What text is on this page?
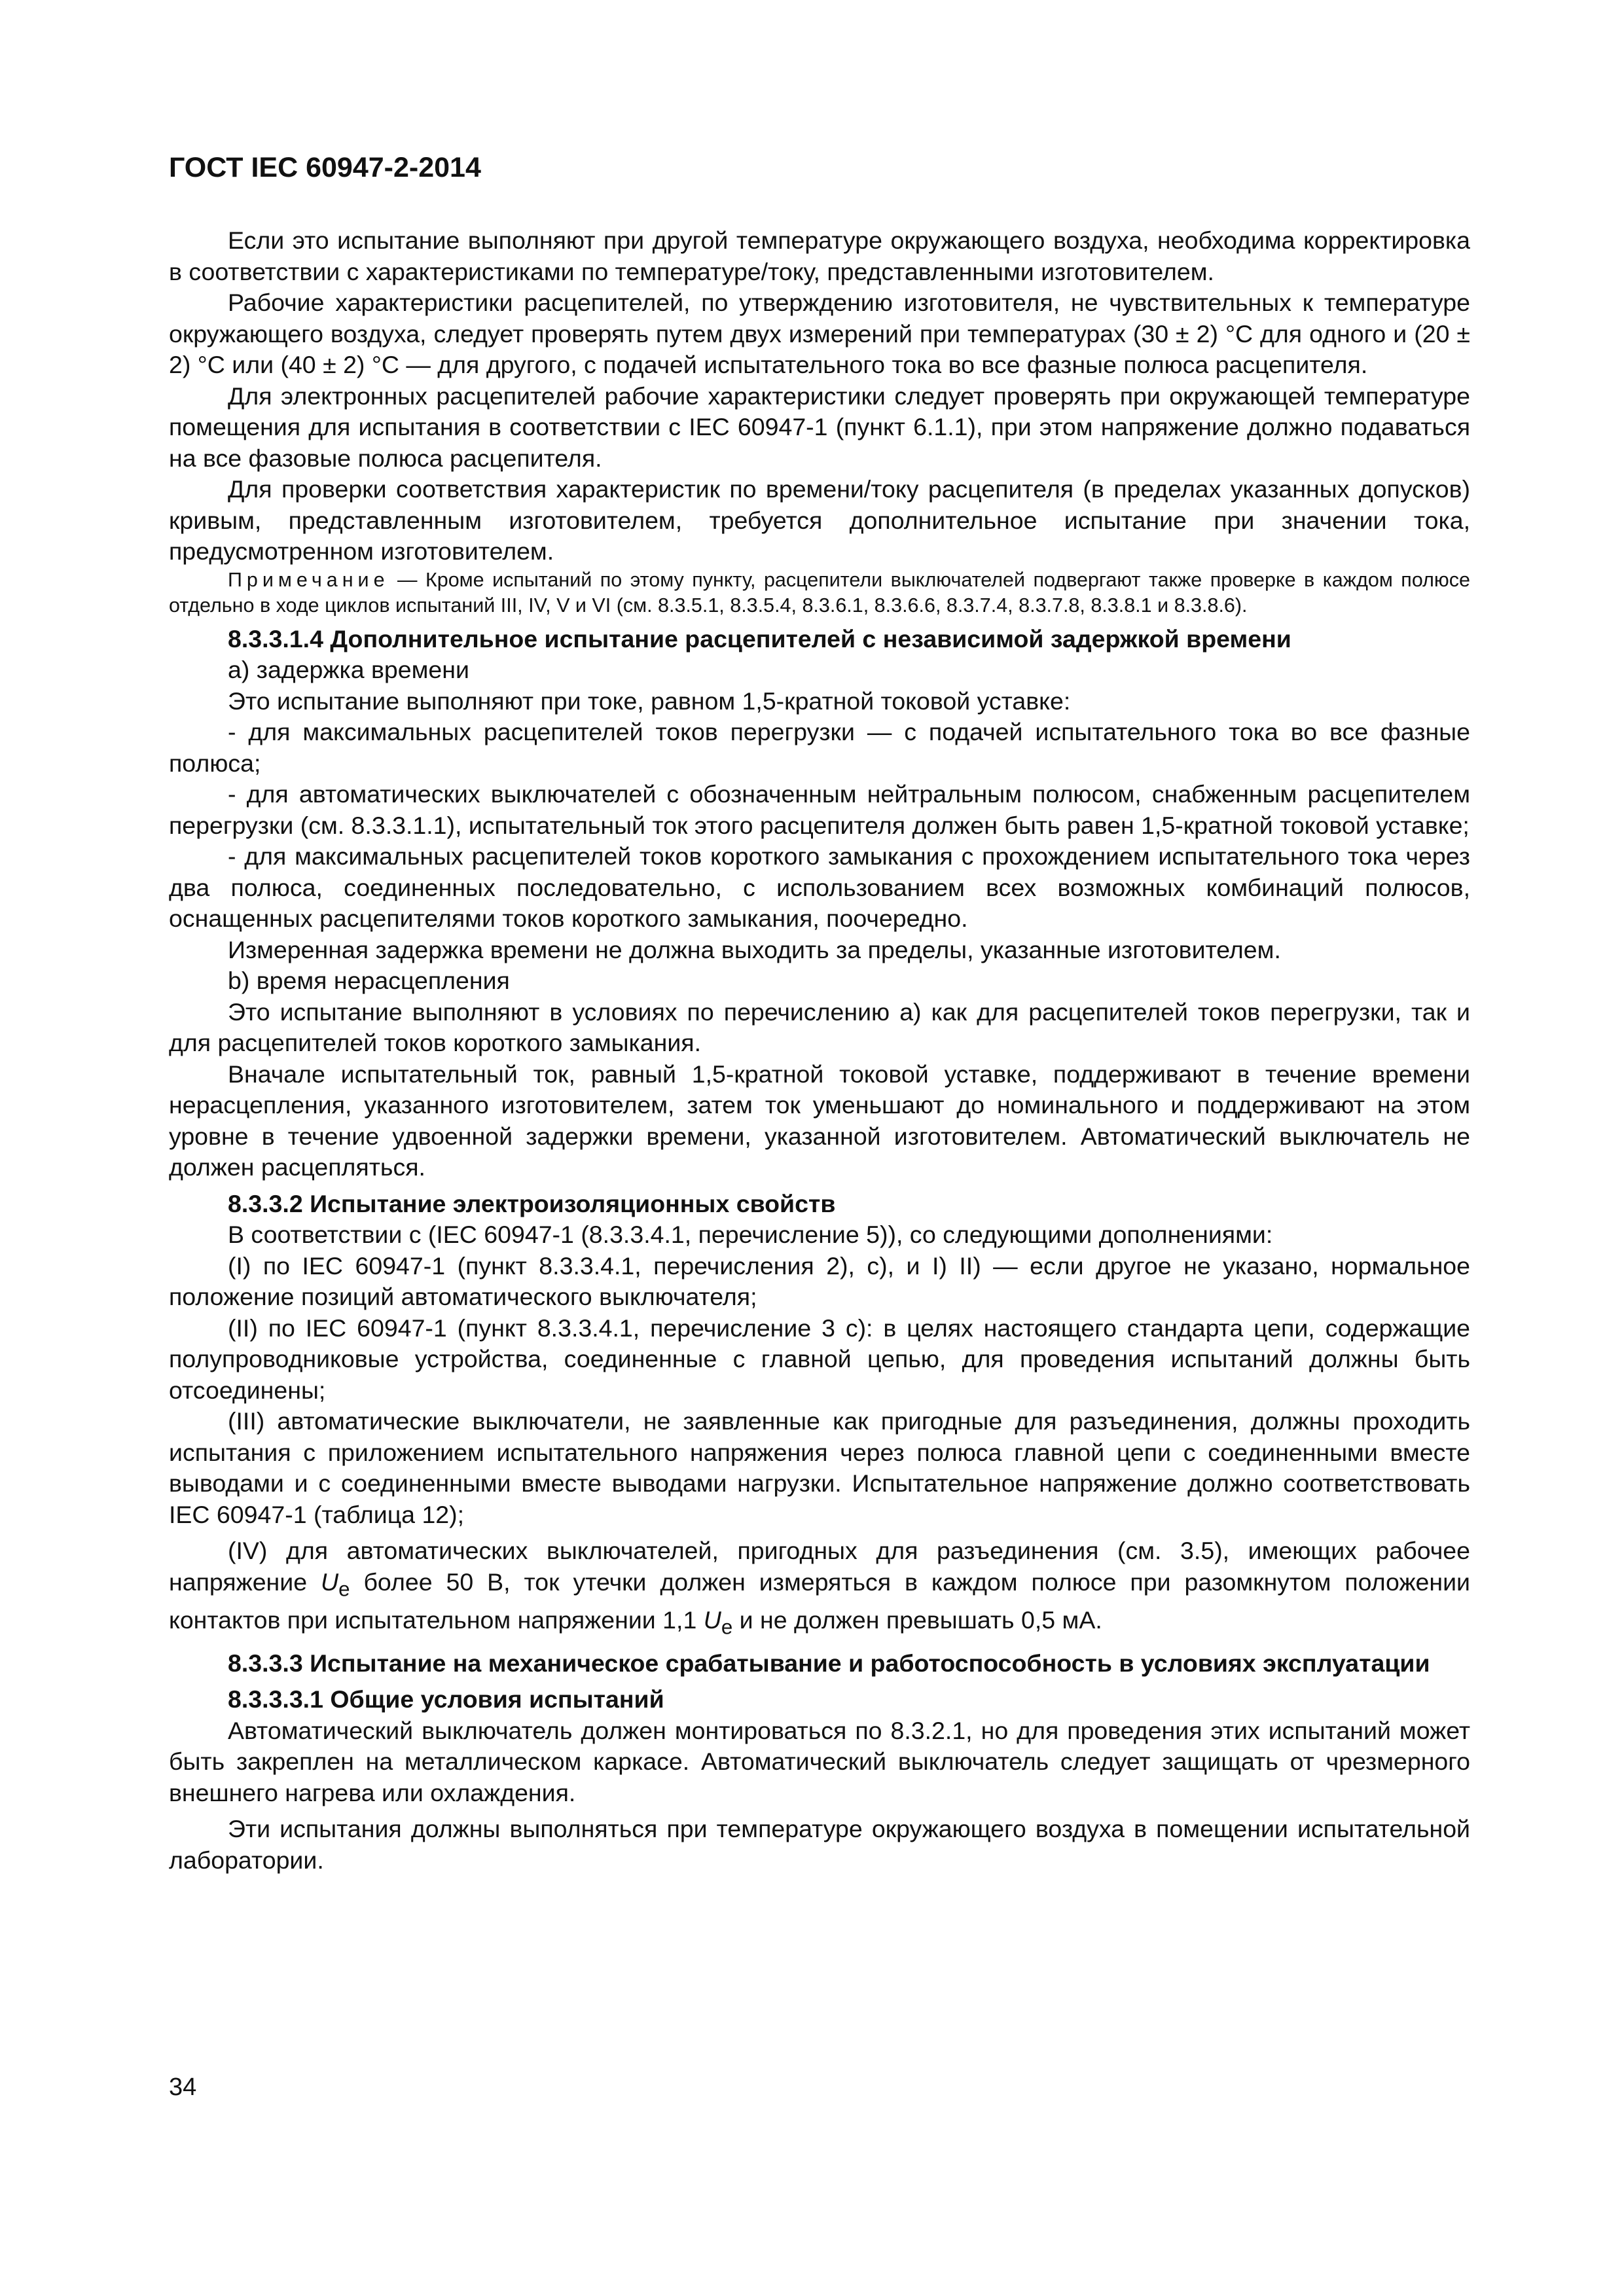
ГОСТ IEC 60947-2-2014

Если это испытание выполняют при другой температуре окружающего воздуха, необходима корректировка в соответствии с характеристиками по температуре/току, представленными изготовителем.

Рабочие характеристики расцепителей, по утверждению изготовителя, не чувствительных к температуре окружающего воздуха, следует проверять путем двух измерений при температурах (30 ± 2) °С для одного и (20 ± 2) °С или (40 ± 2) °С — для другого, с подачей испытательного тока во все фазные полюса расцепителя.

Для электронных расцепителей рабочие характеристики следует проверять при окружающей температуре помещения для испытания в соответствии с IEC 60947-1 (пункт 6.1.1), при этом напряжение должно подаваться на все фазовые полюса расцепителя.

Для проверки соответствия характеристик по времени/току расцепителя (в пределах указанных допусков) кривым, представленным изготовителем, требуется дополнительное испытание при значении тока, предусмотренном изготовителем.

Примечание — Кроме испытаний по этому пункту, расцепители выключателей подвергают также проверке в каждом полюсе отдельно в ходе циклов испытаний III, IV, V и VI (см. 8.3.5.1, 8.3.5.4, 8.3.6.1, 8.3.6.6, 8.3.7.4, 8.3.7.8, 8.3.8.1 и 8.3.8.6).

8.3.3.1.4 Дополнительное испытание расцепителей с независимой задержкой времени

a) задержка времени

Это испытание выполняют при токе, равном 1,5-кратной токовой уставке:

- для максимальных расцепителей токов перегрузки — с подачей испытательного тока во все фазные полюса;

- для автоматических выключателей с обозначенным нейтральным полюсом, снабженным расцепителем перегрузки (см. 8.3.3.1.1), испытательный ток этого расцепителя должен быть равен 1,5-кратной токовой уставке;

- для максимальных расцепителей токов короткого замыкания с прохождением испытательного тока через два полюса, соединенных последовательно, с использованием всех возможных комбинаций полюсов, оснащенных расцепителями токов короткого замыкания, поочередно.

Измеренная задержка времени не должна выходить за пределы, указанные изготовителем.

b) время нерасцепления

Это испытание выполняют в условиях по перечислению а) как для расцепителей токов перегрузки, так и для расцепителей токов короткого замыкания.

Вначале испытательный ток, равный 1,5-кратной токовой уставке, поддерживают в течение времени нерасцепления, указанного изготовителем, затем ток уменьшают до номинального и поддерживают на этом уровне в течение удвоенной задержки времени, указанной изготовителем. Автоматический выключатель не должен расцепляться.

8.3.3.2 Испытание электроизоляционных свойств

В соответствии с (IEC 60947-1 (8.3.3.4.1, перечисление 5)), со следующими дополнениями:

(I) по IEC 60947-1 (пункт 8.3.3.4.1, перечисления 2), с), и I) II) — если другое не указано, нормальное положение позиций автоматического выключателя;

(II) по IEC 60947-1 (пункт 8.3.3.4.1, перечисление 3 с): в целях настоящего стандарта цепи, содержащие полупроводниковые устройства, соединенные с главной цепью, для проведения испытаний должны быть отсоединены;

(III) автоматические выключатели, не заявленные как пригодные для разъединения, должны проходить испытания с приложением испытательного напряжения через полюса главной цепи с соединенными вместе выводами и с соединенными вместе выводами нагрузки. Испытательное напряжение должно соответствовать IEC 60947-1 (таблица 12);

(IV) для автоматических выключателей, пригодных для разъединения (см. 3.5), имеющих рабочее напряжение $U_e$ более 50 В, ток утечки должен измеряться в каждом полюсе при разомкнутом положении контактов при испытательном напряжении 1,1 $U_e$ и не должен превышать 0,5 мА.

8.3.3.3 Испытание на механическое срабатывание и работоспособность в условиях эксплуатации

8.3.3.3.1 Общие условия испытаний

Автоматический выключатель должен монтироваться по 8.3.2.1, но для проведения этих испытаний может быть закреплен на металлическом каркасе. Автоматический выключатель следует защищать от чрезмерного внешнего нагрева или охлаждения.

Эти испытания должны выполняться при температуре окружающего воздуха в помещении испытательной лаборатории.

34
